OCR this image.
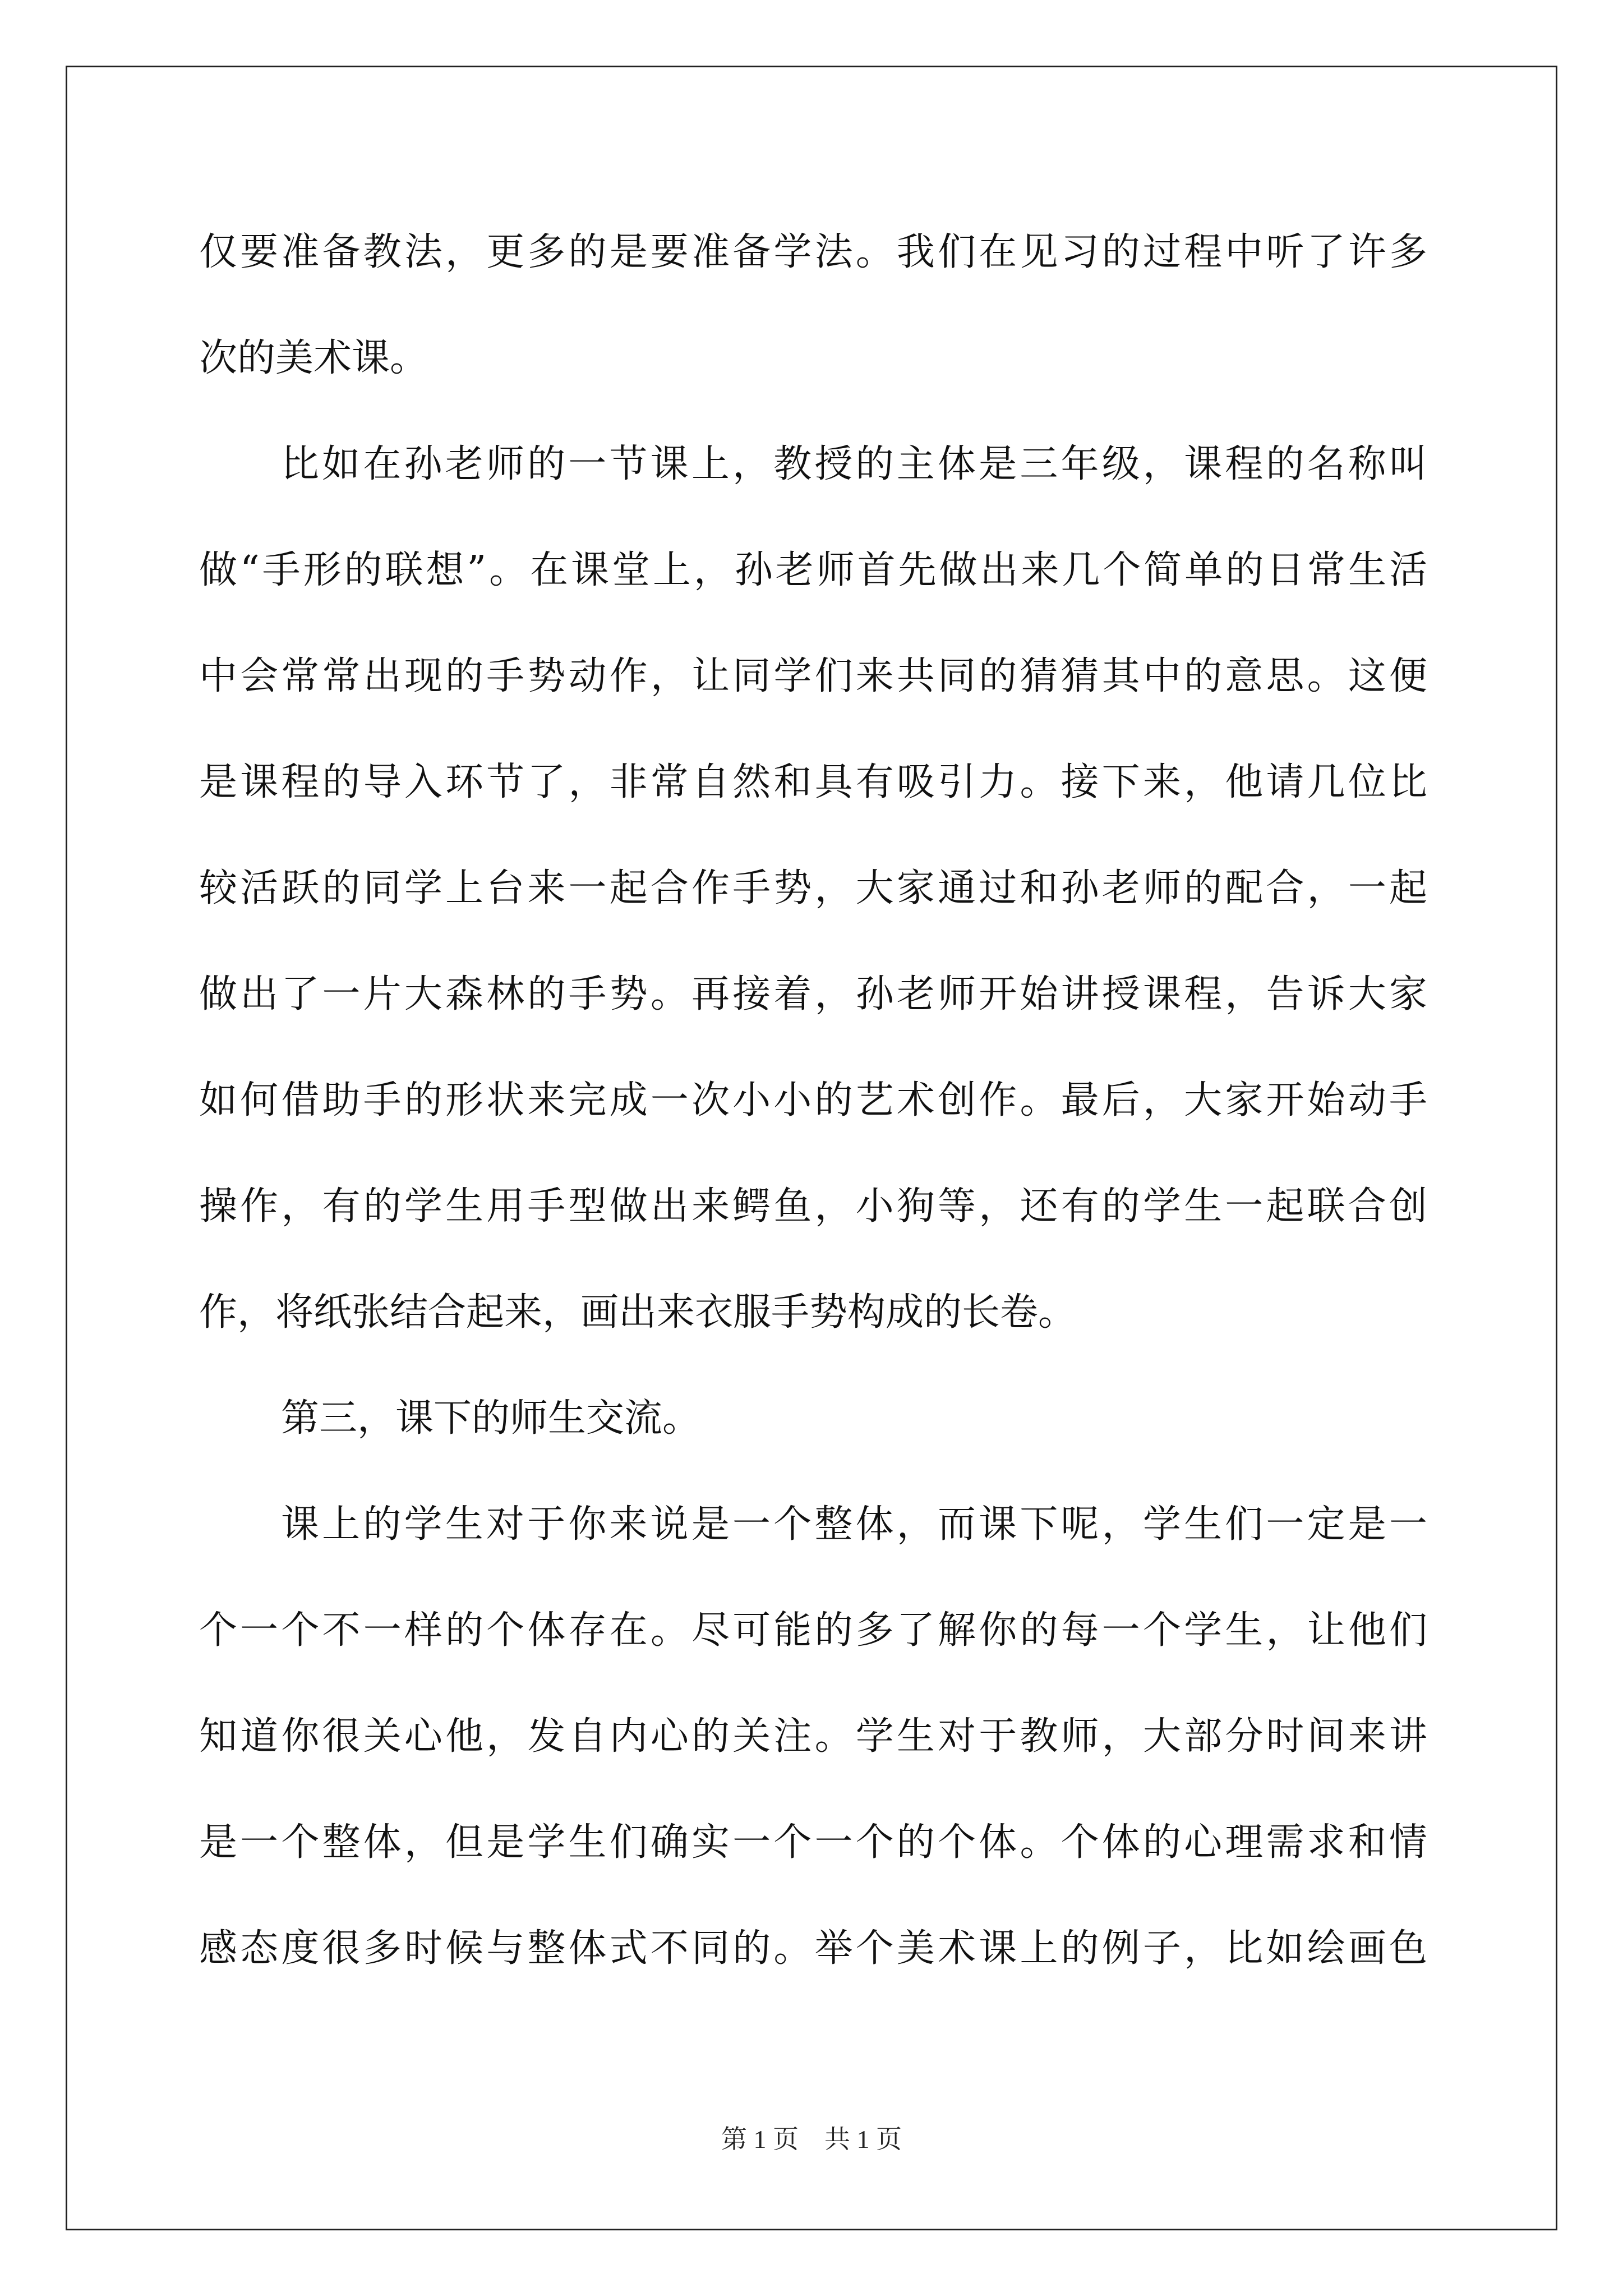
仅要准备教法，更多的是要准备学法。我们在见习的过程中听了许多
次的美术课。
比如在孙老师的一节课上，教授的主体是三年级，课程的名称叫
做“手形的联想”。在课堂上，孙老师首先做出来几个简单的日常生活
中会常常出现的手势动作，让同学们来共同的猜猜其中的意思。这便
是课程的导入环节了，非常自然和具有吸引力。接下来，他请几位比
较活跃的同学上台来一起合作手势，大家通过和孙老师的配合，一起
做出了一片大森林的手势。再接着，孙老师开始讲授课程，告诉大家
如何借助手的形状来完成一次小小的艺术创作。最后，大家开始动手
操作，有的学生用手型做出来鳄鱼，小狗等，还有的学生一起联合创
作，将纸张结合起来，画出来衣服手势构成的长卷。
第三，课下的师生交流。
课上的学生对于你来说是一个整体，而课下呢，学生们一定是一
个一个不一样的个体存在。尽可能的多了解你的每一个学生，让他们
知道你很关心他，发自内心的关注。学生对于教师，大部分时间来讲
是一个整体，但是学生们确实一个一个的个体。个体的心理需求和情
感态度很多时候与整体式不同的。举个美术课上的例子，比如绘画色
第 1 页　共 1 页
